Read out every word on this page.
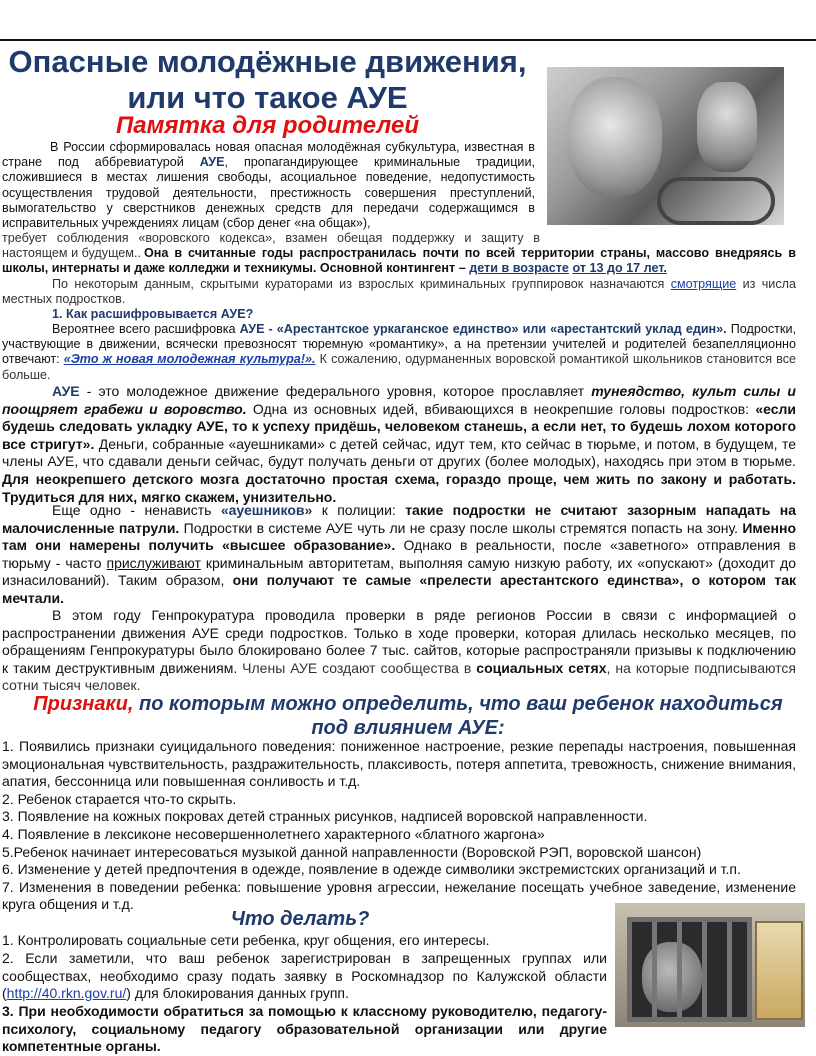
Опасные молодёжные движения,
или что такое АУЕ
Памятка для родителей

В России сформировалась новая опасная молодёжная субкультура, известная в стране под аббревиатурой АУЕ, пропагандирующее криминальные традиции, сложившиеся в местах лишения свободы, асоциальное поведение, недопустимость осуществления трудовой деятельности, престижность совершения преступлений, вымогательство у сверстников денежных средств для передачи содержащимся в исправительных учреждениях лицам (сбор денег «на общак»),

требует соблюдения «воровского кодекса», взамен обещая поддержку и защиту в настоящем и будущем.. Она в считанные годы распространилась почти по всей территории страны, массово внедряясь в школы, интернаты и даже колледжи и техникумы. Основной контингент – дети в возрасте от 13 до 17 лет.

По некоторым данным, скрытыми кураторами из взрослых криминальных группировок назначаются смотрящие из числа местных подростков.

1. Как расшифровывается АУЕ?

Вероятнее всего расшифровка АУЕ - «Арестантское уркаганское единство» или «арестантский уклад един». Подростки, участвующие в движении, всячески превозносят тюремную «романтику», а на претензии учителей и родителей безапелляционно отвечают: «Это ж новая молодежная культура!». К сожалению, одурманенных воровской романтикой школьников становится все больше.

АУЕ - это молодежное движение федерального уровня, которое прославляет тунеядство, культ силы и поощряет грабежи и воровство. Одна из основных идей, вбивающихся в неокрепшие головы подростков: «если будешь следовать укладку АУЕ, то к успеху придёшь, человеком станешь, а если нет, то будешь лохом которого все стригут». Деньги, собранные «ауешниками» с детей сейчас, идут тем, кто сейчас в тюрьме, и потом, в будущем, те члены АУЕ, что сдавали деньги сейчас, будут получать деньги от других (более молодых), находясь при этом в тюрьме. Для неокрепшего детского мозга достаточно простая схема, гораздо проще, чем жить по закону и работать. Трудиться для них, мягко скажем, унизительно.

Еще одно - ненависть «ауешников» к полиции: такие подростки не считают зазорным нападать на малочисленные патрули. Подростки в системе АУЕ чуть ли не сразу после школы стремятся попасть на зону. Именно там они намерены получить «высшее образование». Однако в реальности, после «заветного» отправления в тюрьму - часто прислуживают криминальным авторитетам, выполняя самую низкую работу, их «опускают» (доходит до изнасилований). Таким образом, они получают те самые «прелести арестантского единства», о котором так мечтали.

В этом году Генпрокуратура проводила проверки в ряде регионов России в связи с информацией о распространении движения АУЕ среди подростков. Только в ходе проверки, которая длилась несколько месяцев, по обращениям Генпрокуратуры было блокировано более 7 тыс. сайтов, которые распространяли призывы к подключению к таким деструктивным движениям. Члены АУЕ создают сообщества в социальных сетях, на которые подписываются сотни тысяч человек.

Признаки, по которым можно определить, что ваш ребенок находиться
под влиянием АУЕ:

1. Появились признаки суицидального поведения: пониженное настроение, резкие перепады настроения, повышенная эмоциональная чувствительность, раздражительность, плаксивость, потеря аппетита, тревожность, снижение внимания, апатия, бессонница или повышенная сонливость и т.д.

2. Ребенок старается что-то скрыть.

3. Появление на кожных покровах детей странных рисунков, надписей воровской направленности.

4. Появление в лексиконе несовершеннолетнего характерного «блатного жаргона»

5.Ребенок начинает интересоваться музыкой данной направленности (Воровской РЭП, воровской шансон)

6. Изменение у детей предпочтения в одежде, появление в одежде символики экстремистских организаций и т.п.

7. Изменения в поведении ребенка: повышение уровня агрессии, нежелание посещать учебное заведение, изменение круга общения и т.д.

Что делать?

1. Контролировать социальные сети ребенка, круг общения, его интересы.

2. Если заметили, что ваш ребенок зарегистрирован в запрещенных группах или сообществах, необходимо сразу подать заявку в Роскомнадзор по Калужской области (http://40.rkn.gov.ru/) для блокирования данных групп.

3. При необходимости обратиться за помощью к классному руководителю, педагогу-психологу, социальному педагогу образовательной организации или другие компетентные органы.
